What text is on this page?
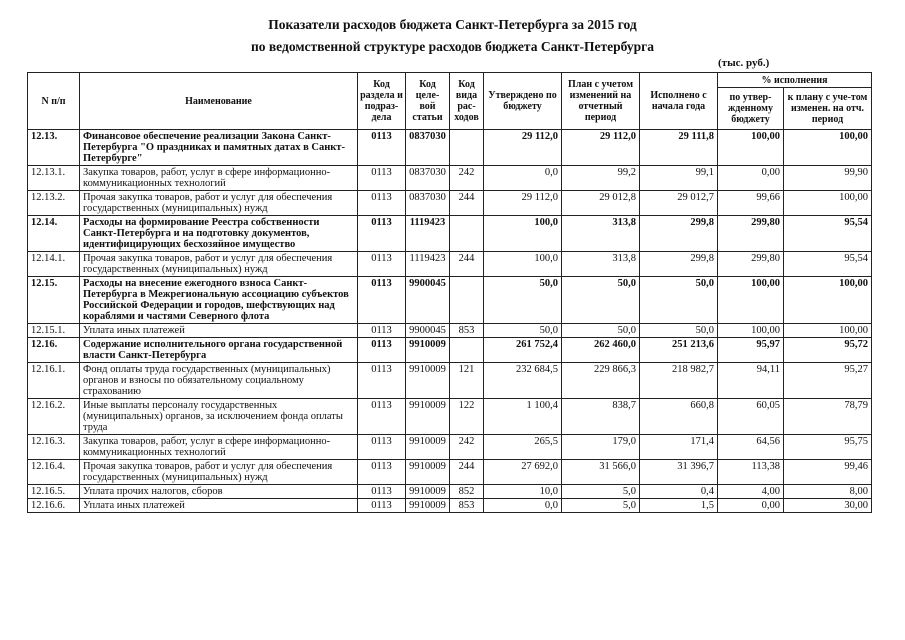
Показатели расходов бюджета Санкт-Петербурга за 2015 год
по ведомственной структуре расходов бюджета Санкт-Петербурга
(тыс. руб.)
N п/п	Наименование	Код раздела и подраз-дела	Код целе-вой статьи	Код вида рас-ходов	Утверждено по бюджету	План с учетом изменений на отчетный период	Исполнено с начала года	% исполнения	
								по утвер-жденному бюджету	к плану с уче-том изменен. на отч. период
12.13.	Финансовое обеспечение реализации Закона Санкт-Петербурга "О праздниках и памятных датах в Санкт-Петербурге"	0113	0837030		29 112,0	29 112,0	29 111,8	100,00	100,00
12.13.1.	Закупка товаров, работ, услуг в сфере информационно-коммуникационных технологий	0113	0837030	242	0,0	99,2	99,1	0,00	99,90
12.13.2.	Прочая закупка товаров, работ и услуг для обеспечения государственных (муниципальных) нужд	0113	0837030	244	29 112,0	29 012,8	29 012,7	99,66	100,00
12.14.	Расходы на формирование Реестра собственности Санкт-Петербурга и на подготовку документов, идентифицирующих бесхозяйное имущество	0113	1119423		100,0	313,8	299,8	299,80	95,54
12.14.1.	Прочая закупка товаров, работ и услуг для обеспечения государственных (муниципальных) нужд	0113	1119423	244	100,0	313,8	299,8	299,80	95,54
12.15.	Расходы на внесение ежегодного взноса Санкт-Петербурга в Межрегиональную ассоциацию субъектов Российской Федерации и городов, шефствующих над кораблями и частями Северного флота	0113	9900045		50,0	50,0	50,0	100,00	100,00
12.15.1.	Уплата иных платежей	0113	9900045	853	50,0	50,0	50,0	100,00	100,00
12.16.	Содержание исполнительного органа государственной власти Санкт-Петербурга	0113	9910009		261 752,4	262 460,0	251 213,6	95,97	95,72
12.16.1.	Фонд оплаты труда государственных (муниципальных) органов и взносы по обязательному социальному страхованию	0113	9910009	121	232 684,5	229 866,3	218 982,7	94,11	95,27
12.16.2.	Иные выплаты персоналу государственных (муниципальных) органов, за исключением фонда оплаты труда	0113	9910009	122	1 100,4	838,7	660,8	60,05	78,79
12.16.3.	Закупка товаров, работ, услуг в сфере информационно-коммуникационных технологий	0113	9910009	242	265,5	179,0	171,4	64,56	95,75
12.16.4.	Прочая закупка товаров, работ и услуг для обеспечения государственных (муниципальных) нужд	0113	9910009	244	27 692,0	31 566,0	31 396,7	113,38	99,46
12.16.5.	Уплата прочих налогов, сборов	0113	9910009	852	10,0	5,0	0,4	4,00	8,00
12.16.6.	Уплата иных платежей	0113	9910009	853	0,0	5,0	1,5	0,00	30,00
